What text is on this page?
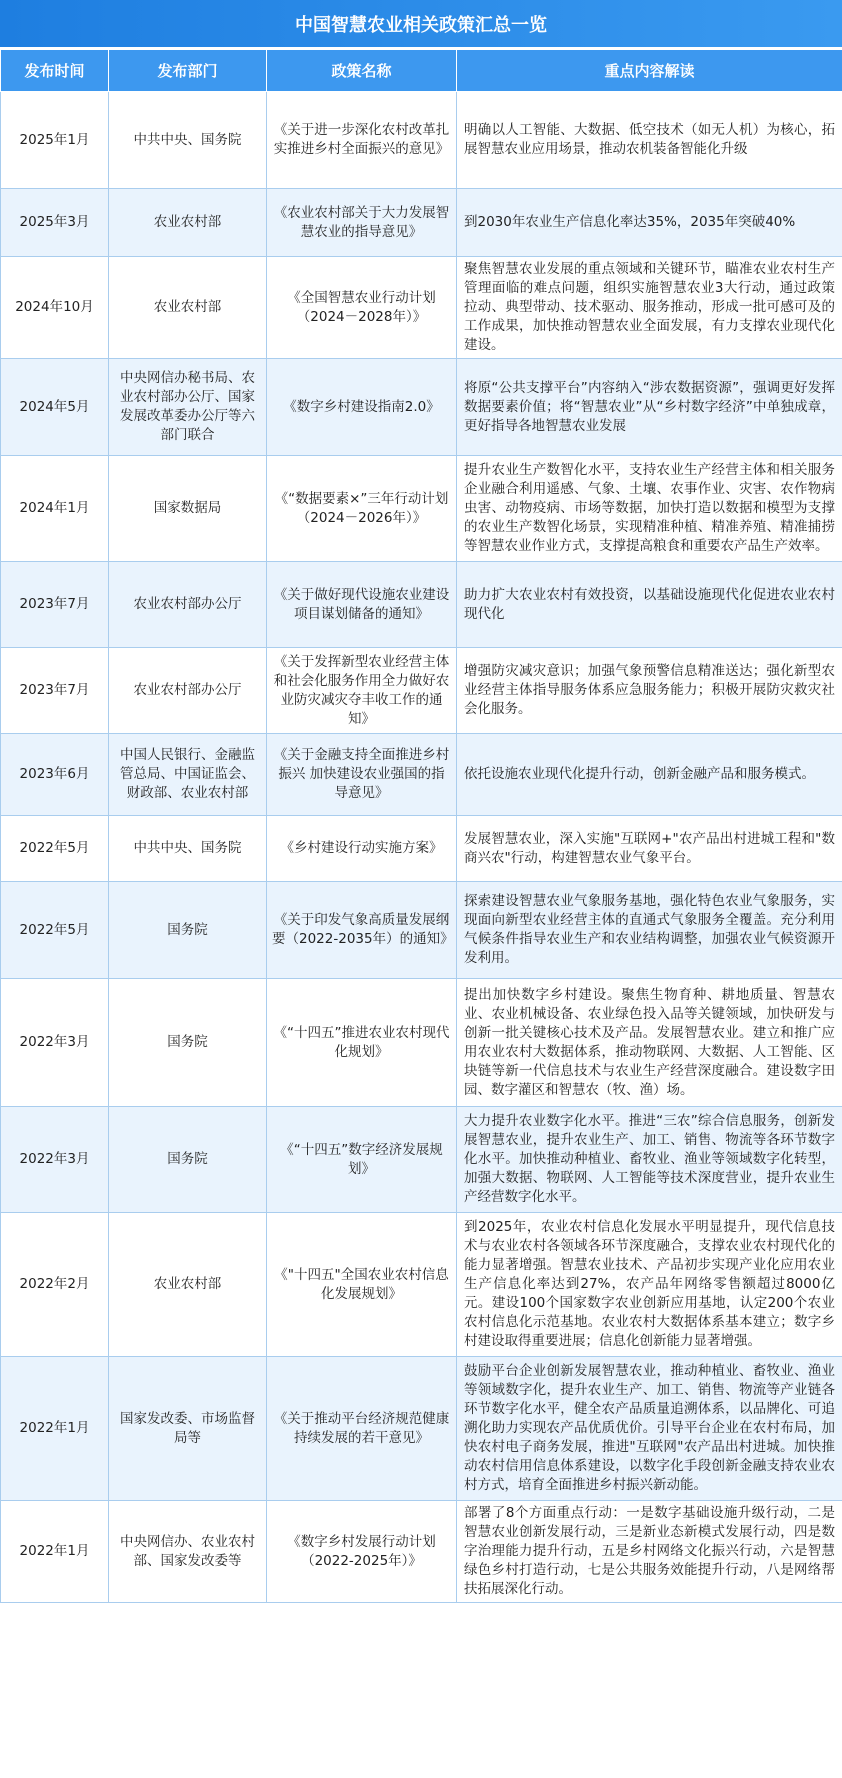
中国智慧农业相关政策汇总一览
发布时间	发布部门	政策名称	重点内容解读
2025年1月	中共中央、国务院	《关于进一步深化农村改革扎实推进乡村全面振兴的意见》	明确以人工智能、大数据、低空技术（如无人机）为核心，拓展智慧农业应用场景，推动农机装备智能化升级
2025年3月	农业农村部	《农业农村部关于大力发展智慧农业的指导意见》	到2030年农业生产信息化率达35%，2035年突破40%
2024年10月	农业农村部	《全国智慧农业行动计划（2024－2028年）》	聚焦智慧农业发展的重点领域和关键环节，瞄准农业农村生产管理面临的难点问题，组织实施智慧农业3大行动，通过政策拉动、典型带动、技术驱动、服务推动，形成一批可感可及的工作成果，加快推动智慧农业全面发展，有力支撑农业现代化建设。
2024年5月	中央网信办秘书局、农业农村部办公厅、国家发展改革委办公厅等六部门联合	《数字乡村建设指南2.0》	将原“公共支撑平台”内容纳入“涉农数据资源”，强调更好发挥数据要素价值；将“智慧农业”从“乡村数字经济”中单独成章，更好指导各地智慧农业发展
2024年1月	国家数据局	《“数据要素×”三年行动计划（2024－2026年）》	提升农业生产数智化水平，支持农业生产经营主体和相关服务企业融合利用遥感、气象、土壤、农事作业、灾害、农作物病虫害、动物疫病、市场等数据，加快打造以数据和模型为支撑的农业生产数智化场景，实现精准种植、精准养殖、精准捕捞等智慧农业作业方式，支撑提高粮食和重要农产品生产效率。
2023年7月	农业农村部办公厅	《关于做好现代设施农业建设项目谋划储备的通知》	助力扩大农业农村有效投资，以基础设施现代化促进农业农村现代化
2023年7月	农业农村部办公厅	《关于发挥新型农业经营主体和社会化服务作用全力做好农业防灾减灾夺丰收工作的通知》	增强防灾减灾意识；加强气象预警信息精准送达；强化新型农业经营主体指导服务体系应急服务能力；积极开展防灾救灾社会化服务。
2023年6月	中国人民银行、金融监管总局、中国证监会、财政部、农业农村部	《关于金融支持全面推进乡村振兴 加快建设农业强国的指导意见》	依托设施农业现代化提升行动，创新金融产品和服务模式。
2022年5月	中共中央、国务院	《乡村建设行动实施方案》	发展智慧农业，深入实施"互联网+"农产品出村进城工程和"数商兴农"行动，构建智慧农业气象平台。
2022年5月	国务院	《关于印发气象高质量发展纲要（2022-2035年）的通知》	探索建设智慧农业气象服务基地，强化特色农业气象服务，实现面向新型农业经营主体的直通式气象服务全覆盖。充分利用气候条件指导农业生产和农业结构调整，加强农业气候资源开发利用。
2022年3月	国务院	《“十四五”推进农业农村现代化规划》	提出加快数字乡村建设。聚焦生物育种、耕地质量、智慧农业、农业机械设备、农业绿色投入品等关键领域，加快研发与创新一批关键核心技术及产品。发展智慧农业。建立和推广应用农业农村大数据体系，推动物联网、大数据、人工智能、区块链等新一代信息技术与农业生产经营深度融合。建设数字田园、数字灌区和智慧农（牧、渔）场。
2022年3月	国务院	《“十四五”数字经济发展规划》	大力提升农业数字化水平。推进“三农”综合信息服务，创新发展智慧农业，提升农业生产、加工、销售、物流等各环节数字化水平。加快推动种植业、畜牧业、渔业等领域数字化转型，加强大数据、物联网、人工智能等技术深度营业，提升农业生产经营数字化水平。
2022年2月	农业农村部	《"十四五"全国农业农村信息化发展规划》	到2025年，农业农村信息化发展水平明显提升，现代信息技术与农业农村各领域各环节深度融合，支撑农业农村现代化的能力显著增强。智慧农业技术、产品初步实现产业化应用农业生产信息化率达到27%，农产品年网络零售额超过8000亿元。建设100个国家数字农业创新应用基地，认定200个农业农村信息化示范基地。农业农村大数据体系基本建立；数字乡村建设取得重要进展；信息化创新能力显著增强。
2022年1月	国家发改委、市场监督局等	《关于推动平台经济规范健康持续发展的若干意见》	鼓励平台企业创新发展智慧农业，推动种植业、畜牧业、渔业等领域数字化，提升农业生产、加工、销售、物流等产业链各环节数字化水平，健全农产品质量追溯体系，以品牌化、可追溯化助力实现农产品优质优价。引导平台企业在农村布局，加快农村电子商务发展，推进"互联网"农产品出村进城。加快推动农村信用信息体系建设，以数字化手段创新金融支持农业农村方式，培育全面推进乡村振兴新动能。
2022年1月	中央网信办、农业农村部、国家发改委等	《数字乡村发展行动计划（2022-2025年）》	部署了8个方面重点行动：一是数字基础设施升级行动，二是智慧农业创新发展行动，三是新业态新模式发展行动，四是数字治理能力提升行动，五是乡村网络文化振兴行动，六是智慧绿色乡村打造行动，七是公共服务效能提升行动，八是网络帮扶拓展深化行动。
